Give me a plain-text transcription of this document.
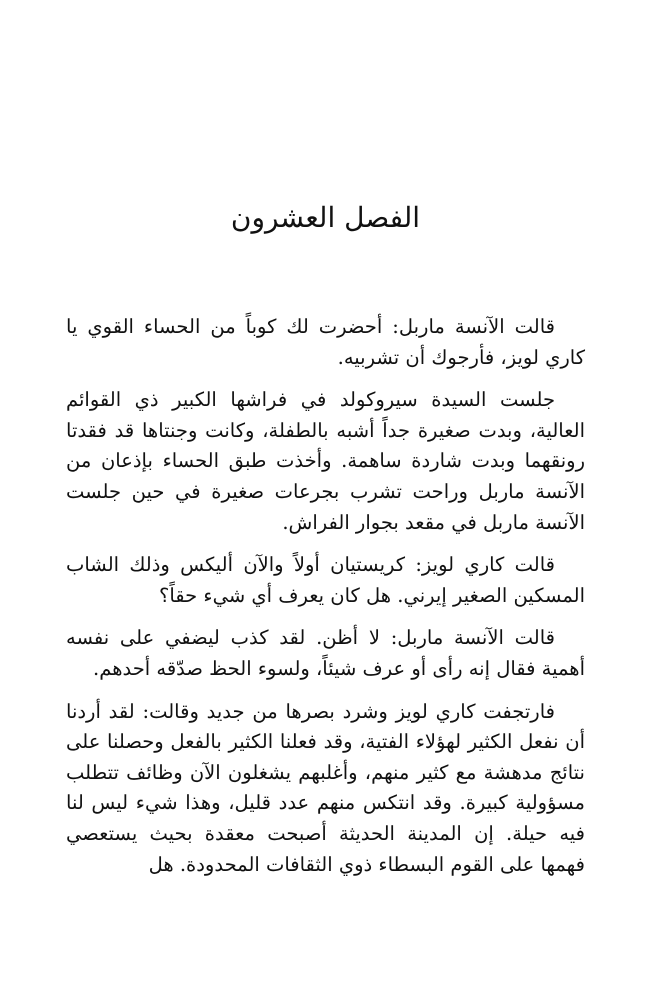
الفصل العشرون

قالت الآنسة ماربل: أحضرت لك كوباً من الحساء القوي يا كاري لويز، فأرجوك أن تشربيه.

جلست السيدة سيروكولد في فراشها الكبير ذي القوائم العالية، وبدت صغيرة جداً أشبه بالطفلة، وكانت وجنتاها قد فقدتا رونقهما وبدت شاردة ساهمة. وأخذت طبق الحساء بإذعان من الآنسة ماربل وراحت تشرب بجرعات صغيرة في حين جلست الآنسة ماربل في مقعد بجوار الفراش.

قالت كاري لويز: كريستيان أولاً والآن أليكس وذلك الشاب المسكين الصغير إيرني. هل كان يعرف أي شيء حقاً؟

قالت الآنسة ماربل: لا أظن. لقد كذب ليضفي على نفسه أهمية فقال إنه رأى أو عرف شيئاً، ولسوء الحظ صدّقه أحدهم.

فارتجفت كاري لويز وشرد بصرها من جديد وقالت: لقد أردنا أن نفعل الكثير لهؤلاء الفتية، وقد فعلنا الكثير بالفعل وحصلنا على نتائج مدهشة مع كثير منهم، وأغلبهم يشغلون الآن وظائف تتطلب مسؤولية كبيرة. وقد انتكس منهم عدد قليل، وهذا شيء ليس لنا فيه حيلة. إن المدينة الحديثة أصبحت معقدة بحيث يستعصي فهمها على القوم البسطاء ذوي الثقافات المحدودة. هل
